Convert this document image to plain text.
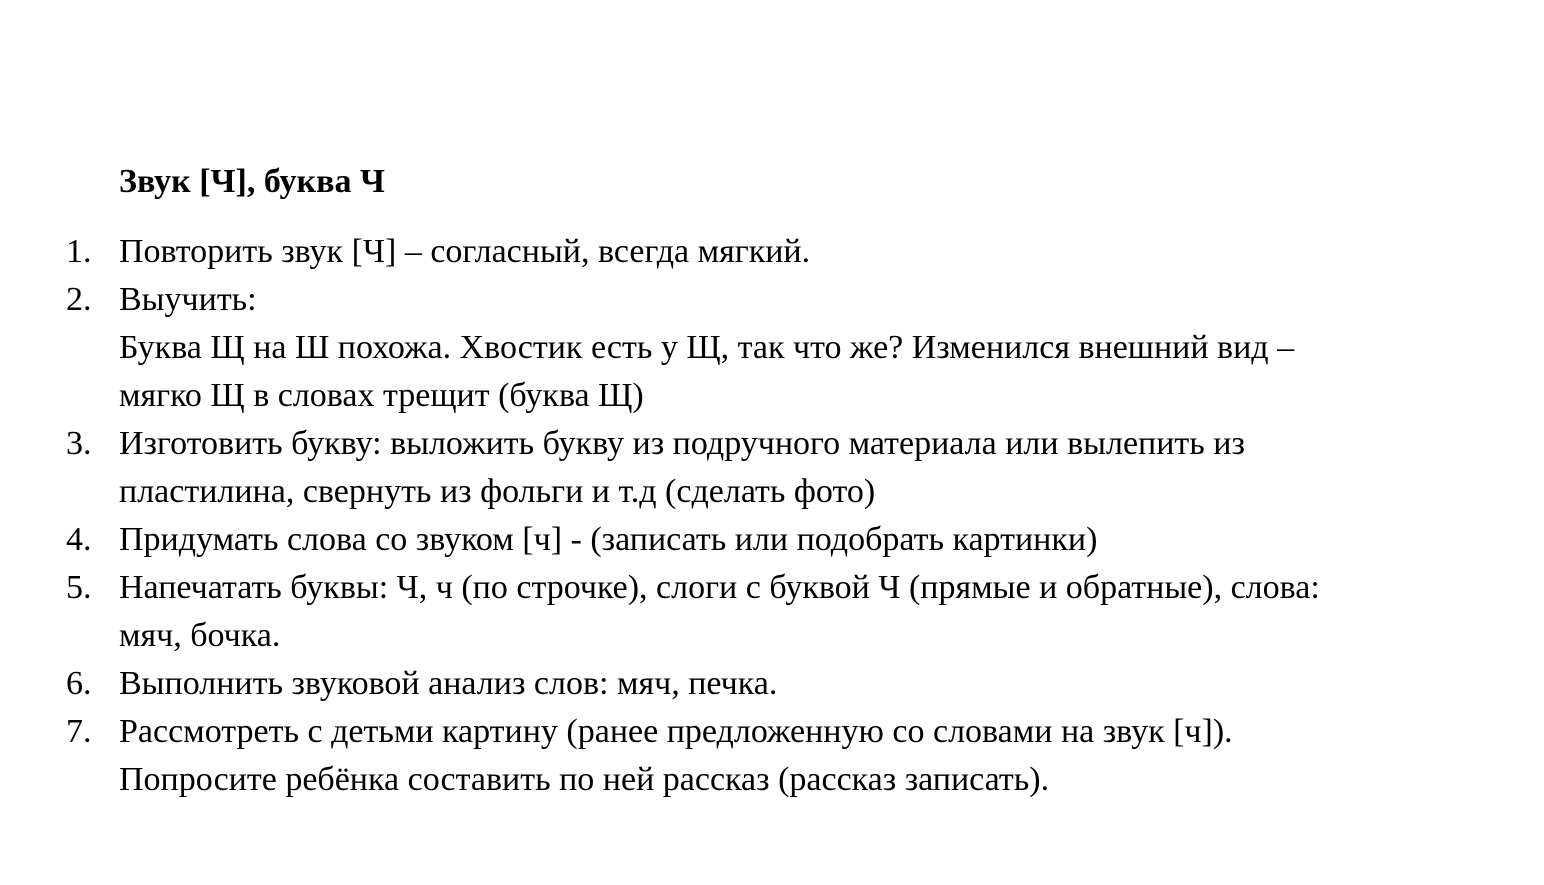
Звук [Ч], буква Ч
1. Повторить звук [Ч] – согласный, всегда мягкий.
2. Выучить:
Буква Щ на Ш похожа. Хвостик есть у Щ, так что же? Изменился внешний вид –
мягко Щ в словах трещит (буква Щ)
3. Изготовить букву: выложить букву из подручного материала или вылепить из
пластилина, свернуть из фольги и т.д (сделать фото)
4. Придумать слова со звуком [ч] - (записать или подобрать картинки)
5. Напечатать буквы: Ч, ч (по строчке), слоги с буквой Ч (прямые и обратные), слова:
мяч, бочка.
6. Выполнить звуковой анализ слов: мяч, печка.
7. Рассмотреть с детьми картину (ранее предложенную со словами на звук [ч]).
Попросите ребёнка составить по ней рассказ (рассказ записать).
